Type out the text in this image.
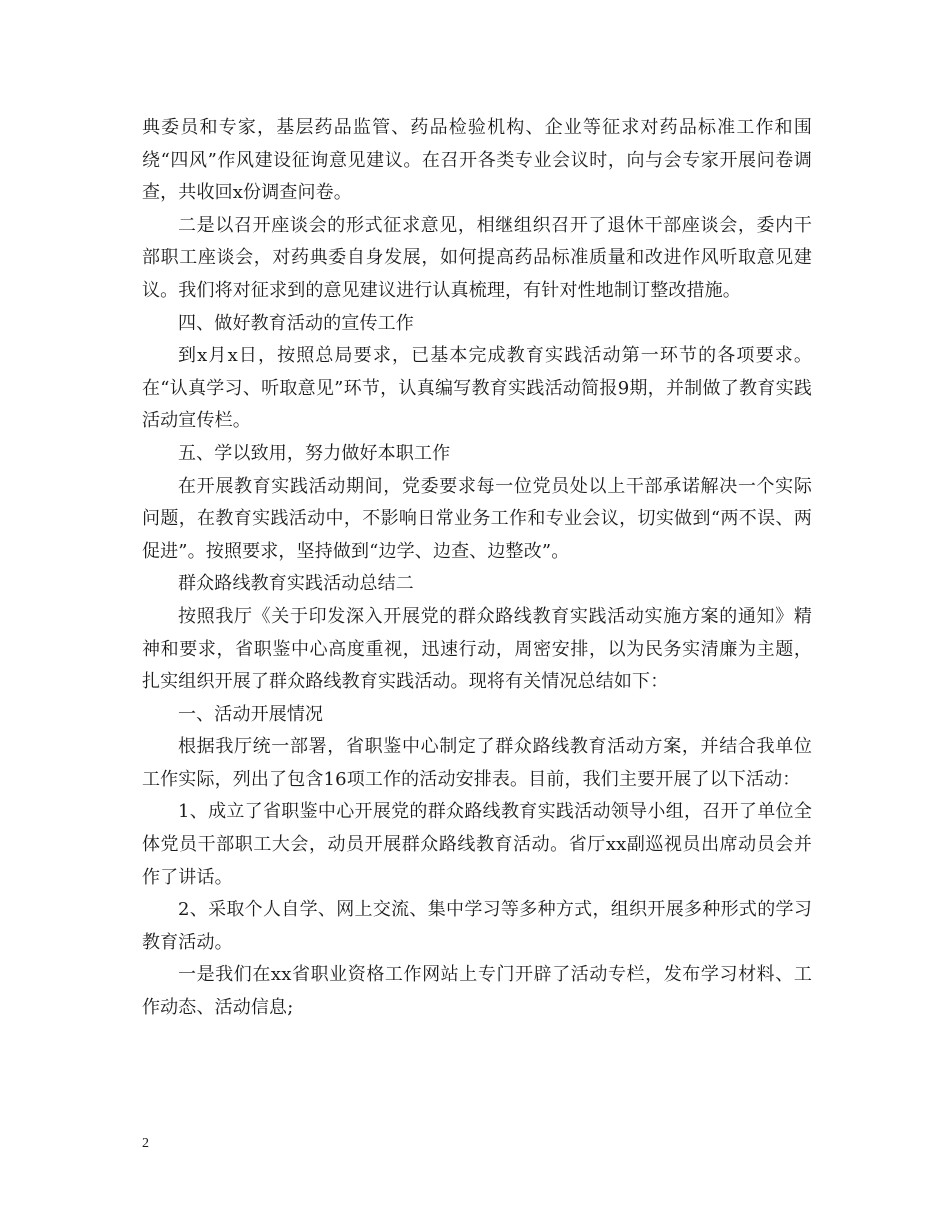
典委员和专家，基层药品监管、药品检验机构、企业等征求对药品标准工作和围绕“四风”作风建设征询意见建议。在召开各类专业会议时，向与会专家开展问卷调查，共收回x份调查问卷。

二是以召开座谈会的形式征求意见，相继组织召开了退休干部座谈会，委内干部职工座谈会，对药典委自身发展，如何提高药品标准质量和改进作风听取意见建议。我们将对征求到的意见建议进行认真梳理，有针对性地制订整改措施。

四、做好教育活动的宣传工作

到x月x日，按照总局要求，已基本完成教育实践活动第一环节的各项要求。在“认真学习、听取意见”环节，认真编写教育实践活动简报9期，并制做了教育实践活动宣传栏。

五、学以致用，努力做好本职工作

在开展教育实践活动期间，党委要求每一位党员处以上干部承诺解决一个实际问题，在教育实践活动中，不影响日常业务工作和专业会议，切实做到“两不误、两促进”。按照要求，坚持做到“边学、边查、边整改”。

群众路线教育实践活动总结二

按照我厅《关于印发深入开展党的群众路线教育实践活动实施方案的通知》精神和要求，省职鉴中心高度重视，迅速行动，周密安排，以为民务实清廉为主题，扎实组织开展了群众路线教育实践活动。现将有关情况总结如下：

一、活动开展情况

根据我厅统一部署，省职鉴中心制定了群众路线教育活动方案，并结合我单位工作实际，列出了包含16项工作的活动安排表。目前，我们主要开展了以下活动：

1、成立了省职鉴中心开展党的群众路线教育实践活动领导小组，召开了单位全体党员干部职工大会，动员开展群众路线教育活动。省厅xx副巡视员出席动员会并作了讲话。

2、采取个人自学、网上交流、集中学习等多种方式，组织开展多种形式的学习教育活动。

一是我们在xx省职业资格工作网站上专门开辟了活动专栏，发布学习材料、工作动态、活动信息;

2
